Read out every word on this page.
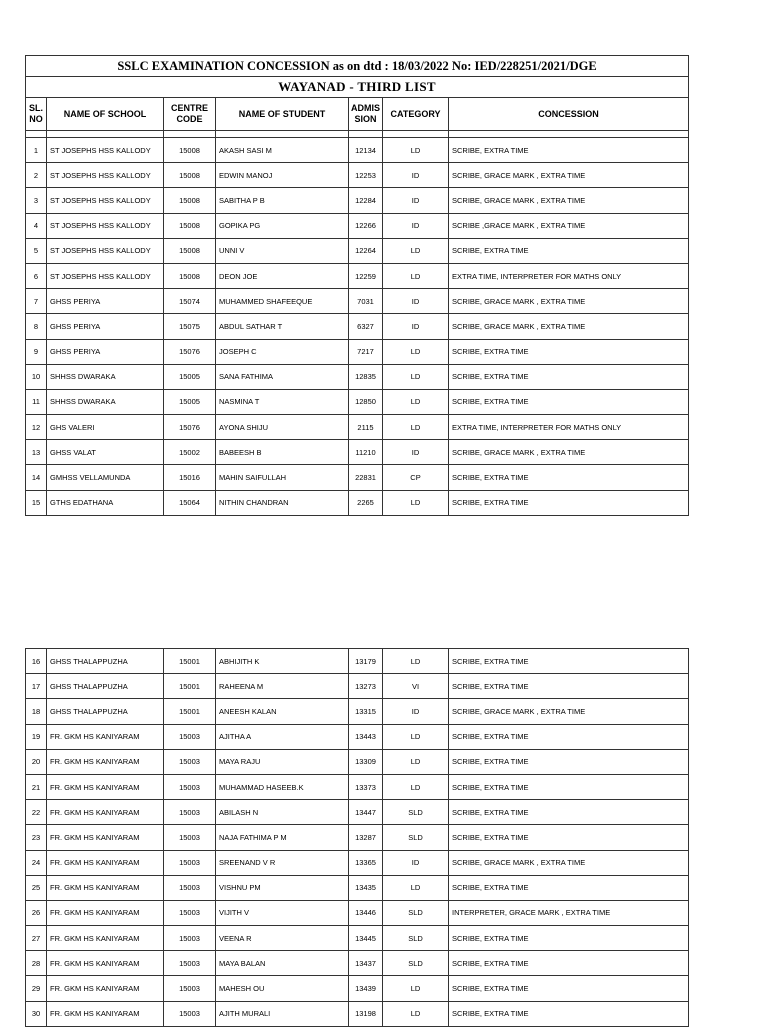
SSLC EXAMINATION CONCESSION as on dtd : 18/03/2022 No: IED/228251/2021/DGE						
WAYANAD - THIRD LIST						
SL. NO	NAME OF SCHOOL	CENTRE CODE	NAME OF STUDENT	ADMIS SION	CATEGORY	CONCESSION

1	ST JOSEPHS HSS KALLODY	15008	AKASH SASI M	12134	LD	SCRIBE, EXTRA TIME
2	ST JOSEPHS HSS KALLODY	15008	EDWIN MANOJ	12253	ID	SCRIBE, GRACE MARK , EXTRA TIME
3	ST JOSEPHS HSS KALLODY	15008	SABITHA P B	12284	ID	SCRIBE, GRACE MARK , EXTRA TIME
4	ST JOSEPHS HSS KALLODY	15008	GOPIKA PG	12266	ID	SCRIBE ,GRACE MARK , EXTRA TIME
5	ST JOSEPHS HSS KALLODY	15008	UNNI V	12264	LD	SCRIBE, EXTRA TIME
6	ST JOSEPHS HSS KALLODY	15008	DEON JOE	12259	LD	EXTRA TIME, INTERPRETER FOR MATHS ONLY
7	GHSS PERIYA	15074	MUHAMMED SHAFEEQUE	7031	ID	SCRIBE, GRACE MARK , EXTRA TIME
8	GHSS PERIYA	15075	ABDUL SATHAR T	6327	ID	SCRIBE, GRACE MARK , EXTRA TIME
9	GHSS PERIYA	15076	JOSEPH C	7217	LD	SCRIBE, EXTRA TIME
10	SHHSS DWARAKA	15005	SANA FATHIMA	12835	LD	SCRIBE, EXTRA TIME
11	SHHSS DWARAKA	15005	NASMINA T	12850	LD	SCRIBE, EXTRA TIME
12	GHS VALERI	15076	AYONA SHIJU	2115	LD	EXTRA TIME, INTERPRETER FOR MATHS ONLY
13	GHSS VALAT	15002	BABEESH B	11210	ID	SCRIBE, GRACE MARK , EXTRA TIME
14	GMHSS VELLAMUNDA	15016	MAHIN SAIFULLAH	22831	CP	SCRIBE, EXTRA TIME
15	GTHS EDATHANA	15064	NITHIN CHANDRAN	2265	LD	SCRIBE, EXTRA TIME
16	GHSS THALAPPUZHA	15001	ABHIJITH K	13179	LD	SCRIBE, EXTRA TIME
17	GHSS THALAPPUZHA	15001	RAHEENA M	13273	VI	SCRIBE, EXTRA TIME
18	GHSS THALAPPUZHA	15001	ANEESH KALAN	13315	ID	SCRIBE, GRACE MARK , EXTRA TIME
19	FR. GKM HS KANIYARAM	15003	AJITHA A	13443	LD	SCRIBE, EXTRA TIME
20	FR. GKM HS KANIYARAM	15003	MAYA RAJU	13309	LD	SCRIBE, EXTRA TIME
21	FR. GKM HS KANIYARAM	15003	MUHAMMAD HASEEB.K	13373	LD	SCRIBE, EXTRA TIME
22	FR. GKM HS KANIYARAM	15003	ABILASH N	13447	SLD	SCRIBE, EXTRA TIME
23	FR. GKM HS KANIYARAM	15003	NAJA FATHIMA P M	13287	SLD	SCRIBE, EXTRA TIME
24	FR. GKM HS KANIYARAM	15003	SREENAND V R	13365	ID	SCRIBE, GRACE MARK , EXTRA TIME
25	FR. GKM HS KANIYARAM	15003	VISHNU PM	13435	LD	SCRIBE, EXTRA TIME
26	FR. GKM HS KANIYARAM	15003	VIJITH V	13446	SLD	INTERPRETER, GRACE MARK , EXTRA TIME
27	FR. GKM HS KANIYARAM	15003	VEENA R	13445	SLD	SCRIBE, EXTRA TIME
28	FR. GKM HS KANIYARAM	15003	MAYA BALAN	13437	SLD	SCRIBE, EXTRA TIME
29	FR. GKM HS KANIYARAM	15003	MAHESH OU	13439	LD	SCRIBE, EXTRA TIME
30	FR. GKM HS KANIYARAM	15003	AJITH MURALI	13198	LD	SCRIBE, EXTRA TIME
